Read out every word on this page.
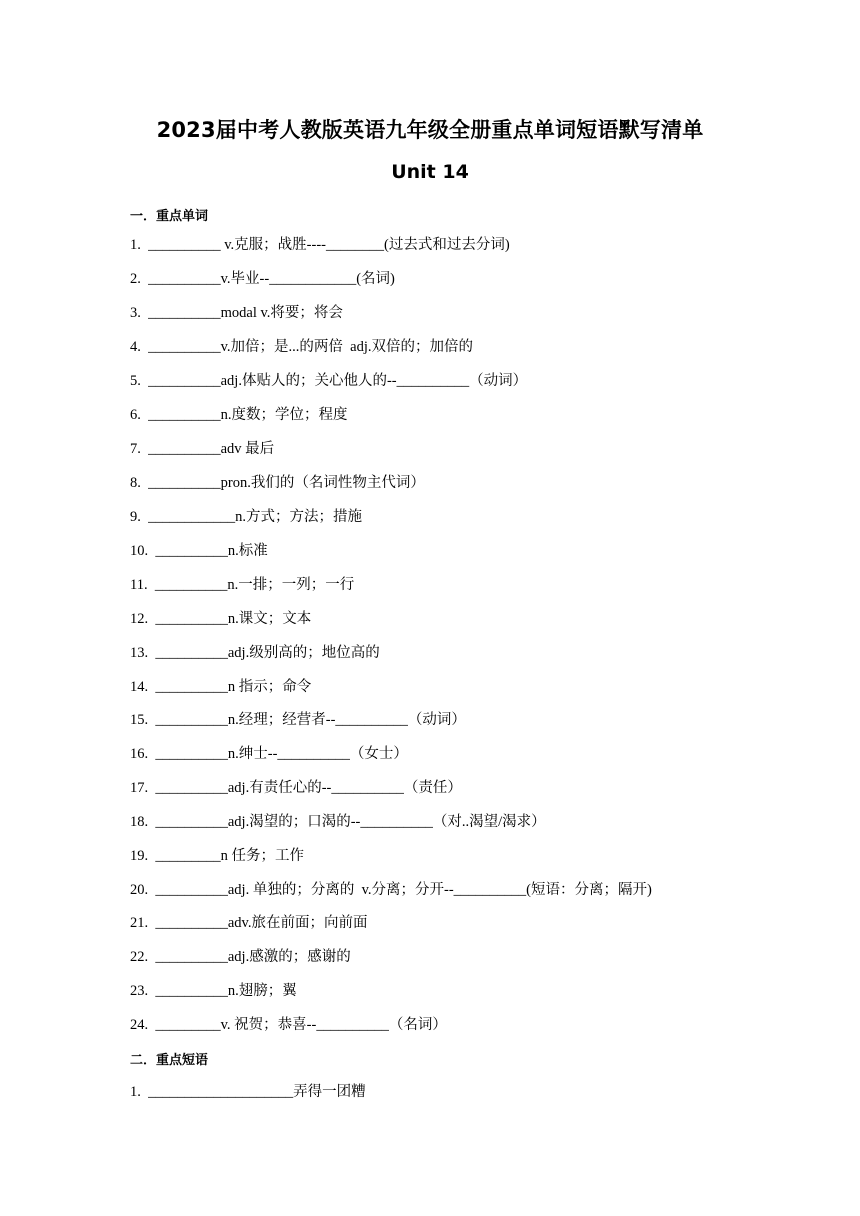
2023届中考人教版英语九年级全册重点单词短语默写清单
Unit 14
一．重点单词
1.  __________ v.克服；战胜----________(过去式和过去分词)
2.  __________v.毕业--____________(名词)
3.  __________modal v.将要；将会
4.  __________v.加倍；是...的两倍  adj.双倍的；加倍的
5.  __________adj.体贴人的；关心他人的--__________（动词）
6.  __________n.度数；学位；程度
7.  __________adv 最后
8.  __________pron.我们的（名词性物主代词）
9.  ____________n.方式；方法；措施
10.  __________n.标准
11.  __________n.一排；一列；一行
12.  __________n.课文；文本
13.  __________adj.级别高的；地位高的
14.  __________n 指示；命令
15.  __________n.经理；经营者--__________（动词）
16.  __________n.绅士--__________（女士）
17.  __________adj.有责任心的--__________（责任）
18.  __________adj.渴望的；口渴的--__________（对..渴望/渴求）
19.  _________n 任务；工作
20.  __________adj. 单独的；分离的  v.分离；分开--__________(短语：分离；隔开)
21.  __________adv.旅在前面；向前面
22.  __________adj.感激的；感谢的
23.  __________n.翅膀；翼
24.  _________v. 祝贺；恭喜--__________（名词）
二．重点短语
1.  ____________________弄得一团糟
